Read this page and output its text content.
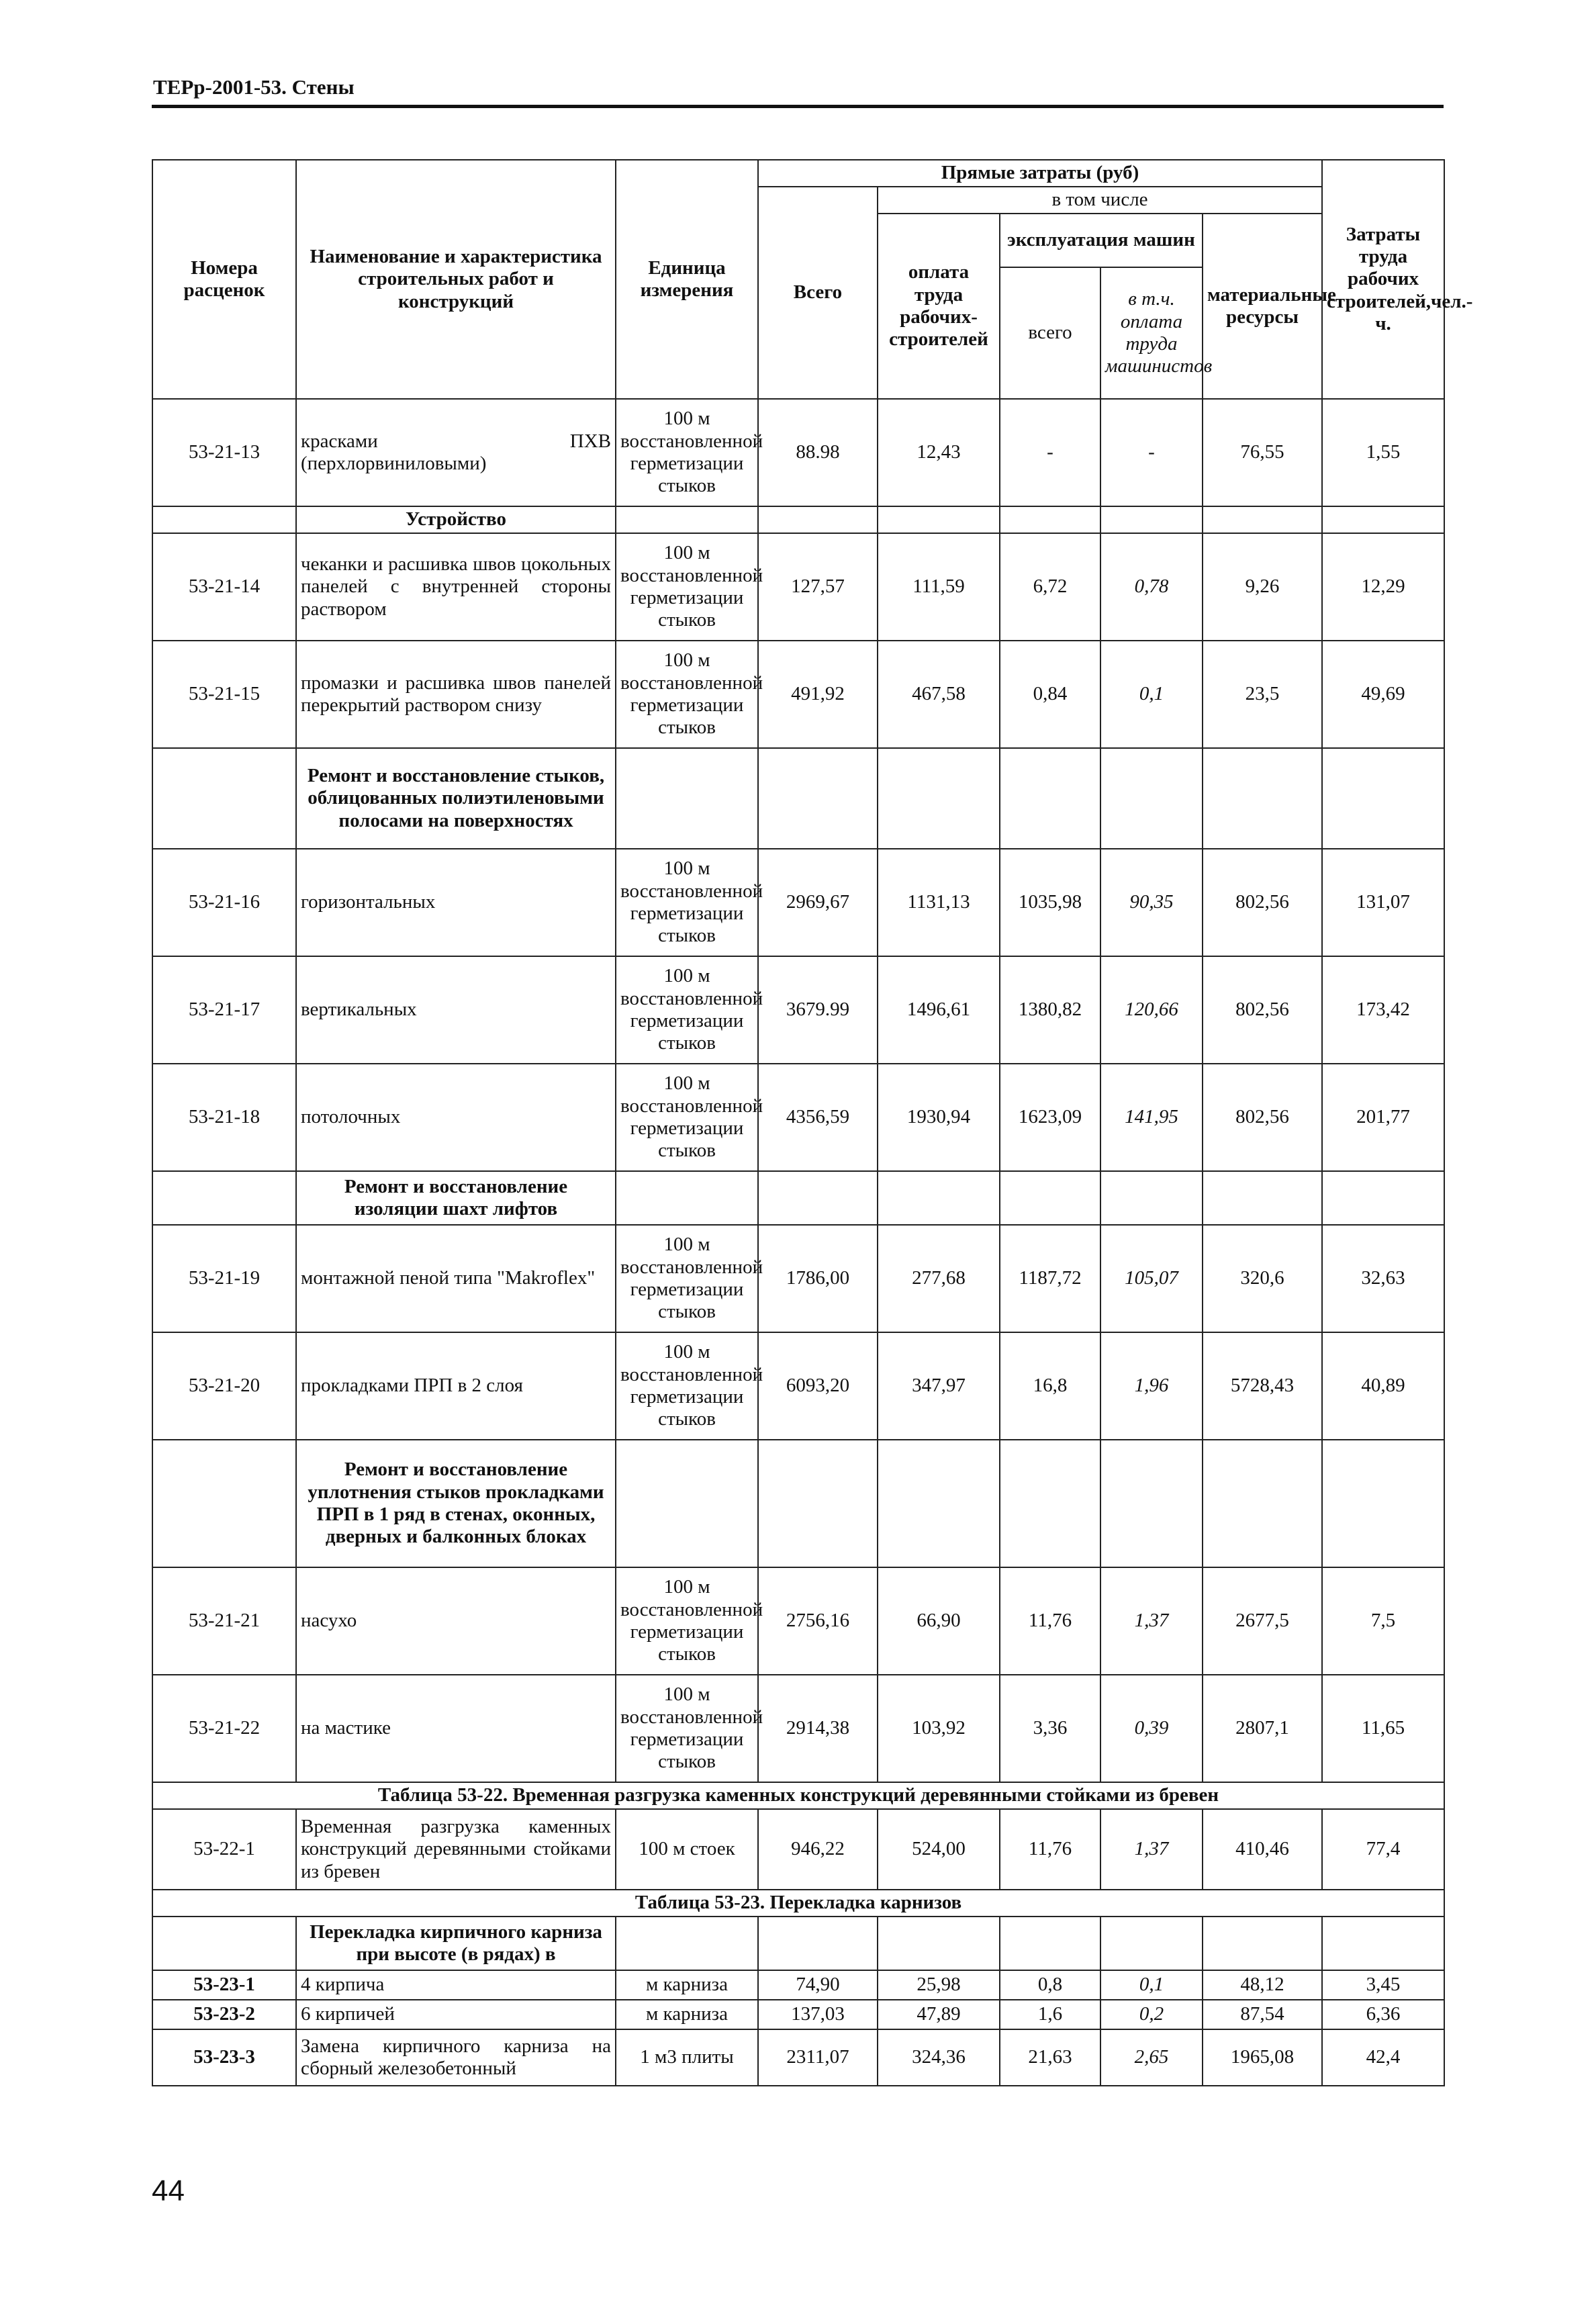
ТЕРр-2001-53. Стены
Номера расценок	Наименование и характеристика строительных работ и конструкций	Единица измерения	Прямые затраты (руб)					Затраты труда рабочих строителей,чел.-ч.
			Всего	в том числе				
				оплата труда рабочих-строителей	эксплуатация машин		материальные ресурсы	
					всего	в т.ч. оплата труда машинистов		
53-21-13	красками ПХВ (перхлорвиниловыми)	100 м восстановленной герметизации стыков	88.98	12,43	-	-	76,55	1,55
	Устройство							
53-21-14	чеканки и расшивка швов цокольных панелей с внутренней стороны раствором	100 м восстановленной герметизации стыков	127,57	111,59	6,72	0,78	9,26	12,29
53-21-15	промазки и расшивка швов панелей перекрытий раствором снизу	100 м восстановленной герметизации стыков	491,92	467,58	0,84	0,1	23,5	49,69
	Ремонт и восстановление стыков, облицованных полиэтиленовыми полосами на поверхностях							
53-21-16	горизонтальных	100 м восстановленной герметизации стыков	2969,67	1131,13	1035,98	90,35	802,56	131,07
53-21-17	вертикальных	100 м восстановленной герметизации стыков	3679.99	1496,61	1380,82	120,66	802,56	173,42
53-21-18	потолочных	100 м восстановленной герметизации стыков	4356,59	1930,94	1623,09	141,95	802,56	201,77
	Ремонт и восстановление изоляции шахт лифтов							
53-21-19	монтажной пеной типа "Makroflex"	100 м восстановленной герметизации стыков	1786,00	277,68	1187,72	105,07	320,6	32,63
53-21-20	прокладками ПРП в 2 слоя	100 м восстановленной герметизации стыков	6093,20	347,97	16,8	1,96	5728,43	40,89
	Ремонт и восстановление уплотнения стыков прокладками ПРП в 1 ряд в стенах, оконных, дверных и балконных блоках							
53-21-21	насухо	100 м восстановленной герметизации стыков	2756,16	66,90	11,76	1,37	2677,5	7,5
53-21-22	на мастике	100 м восстановленной герметизации стыков	2914,38	103,92	3,36	0,39	2807,1	11,65
Таблица 53-22. Временная разгрузка каменных конструкций деревянными стойками из бревен								
53-22-1	Временная разгрузка каменных конструкций деревянными стойками из бревен	100 м стоек	946,22	524,00	11,76	1,37	410,46	77,4
Таблица 53-23. Перекладка карнизов								
	Перекладка кирпичного карниза при высоте (в рядах) в							
53-23-1	4 кирпича	м карниза	74,90	25,98	0,8	0,1	48,12	3,45
53-23-2	6 кирпичей	м карниза	137,03	47,89	1,6	0,2	87,54	6,36
53-23-3	Замена кирпичного карниза на сборный железобетонный	1 м3 плиты	2311,07	324,36	21,63	2,65	1965,08	42,4
44
